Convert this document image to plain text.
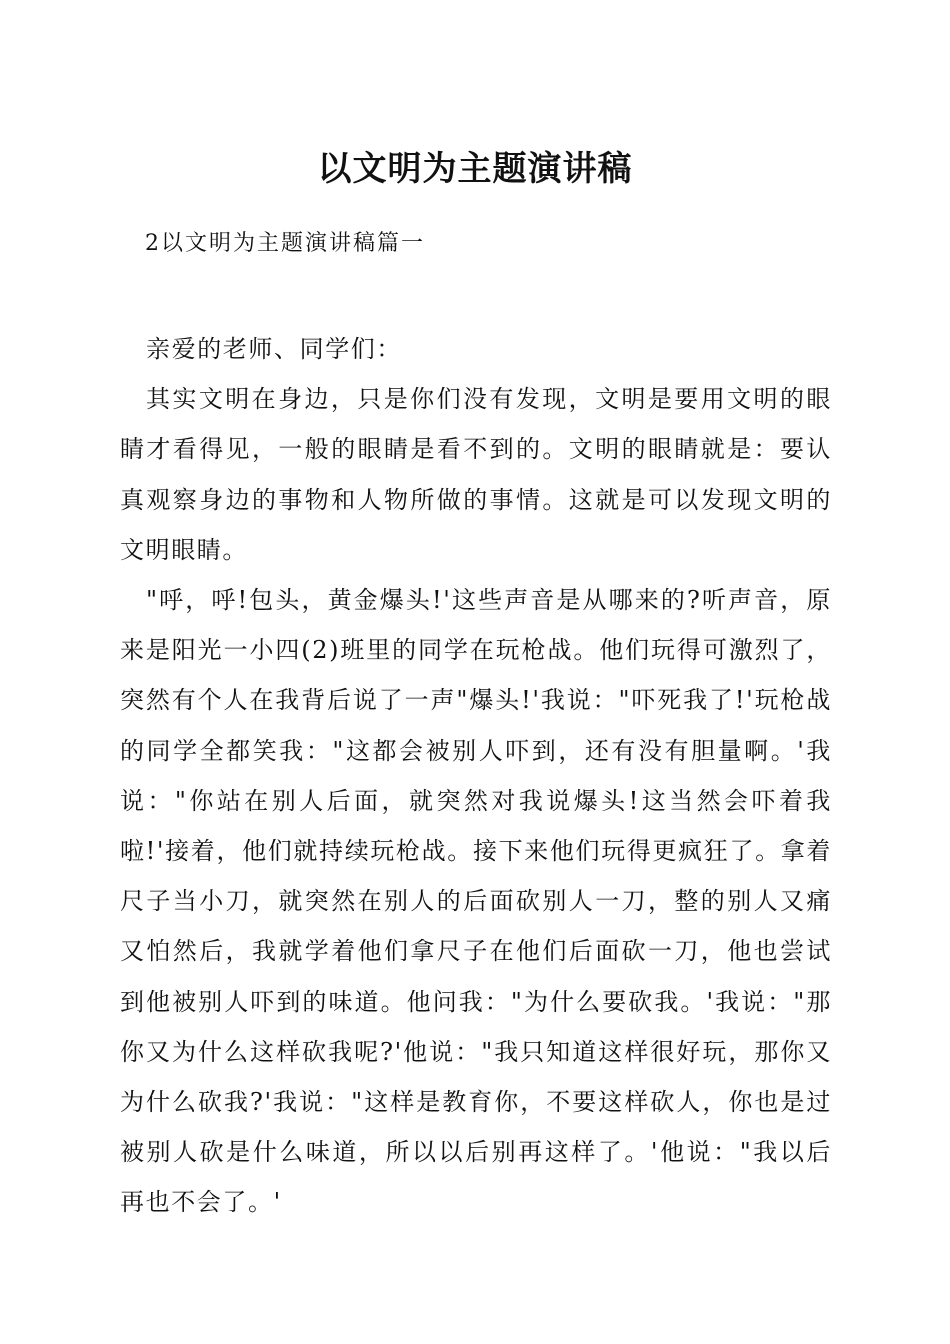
以文明为主题演讲稿

2以文明为主题演讲稿篇一

亲爱的老师、同学们：

其实文明在身边，只是你们没有发现，文明是要用文明的眼睛才看得见，一般的眼睛是看不到的。文明的眼睛就是：要认真观察身边的事物和人物所做的事情。这就是可以发现文明的文明眼睛。

"呼，呼!包头，黄金爆头!'这些声音是从哪来的?听声音，原来是阳光一小四(2)班里的同学在玩枪战。他们玩得可激烈了，突然有个人在我背后说了一声"爆头!'我说："吓死我了!'玩枪战的同学全都笑我："这都会被别人吓到，还有没有胆量啊。'我说："你站在别人后面，就突然对我说爆头!这当然会吓着我啦!'接着，他们就持续玩枪战。接下来他们玩得更疯狂了。拿着尺子当小刀，就突然在别人的后面砍别人一刀，整的别人又痛又怕然后，我就学着他们拿尺子在他们后面砍一刀，他也尝试到他被别人吓到的味道。他问我："为什么要砍我。'我说："那你又为什么这样砍我呢?'他说："我只知道这样很好玩，那你又为什么砍我?'我说："这样是教育你，不要这样砍人，你也是过被别人砍是什么味道，所以以后别再这样了。'他说："我以后再也不会了。'
